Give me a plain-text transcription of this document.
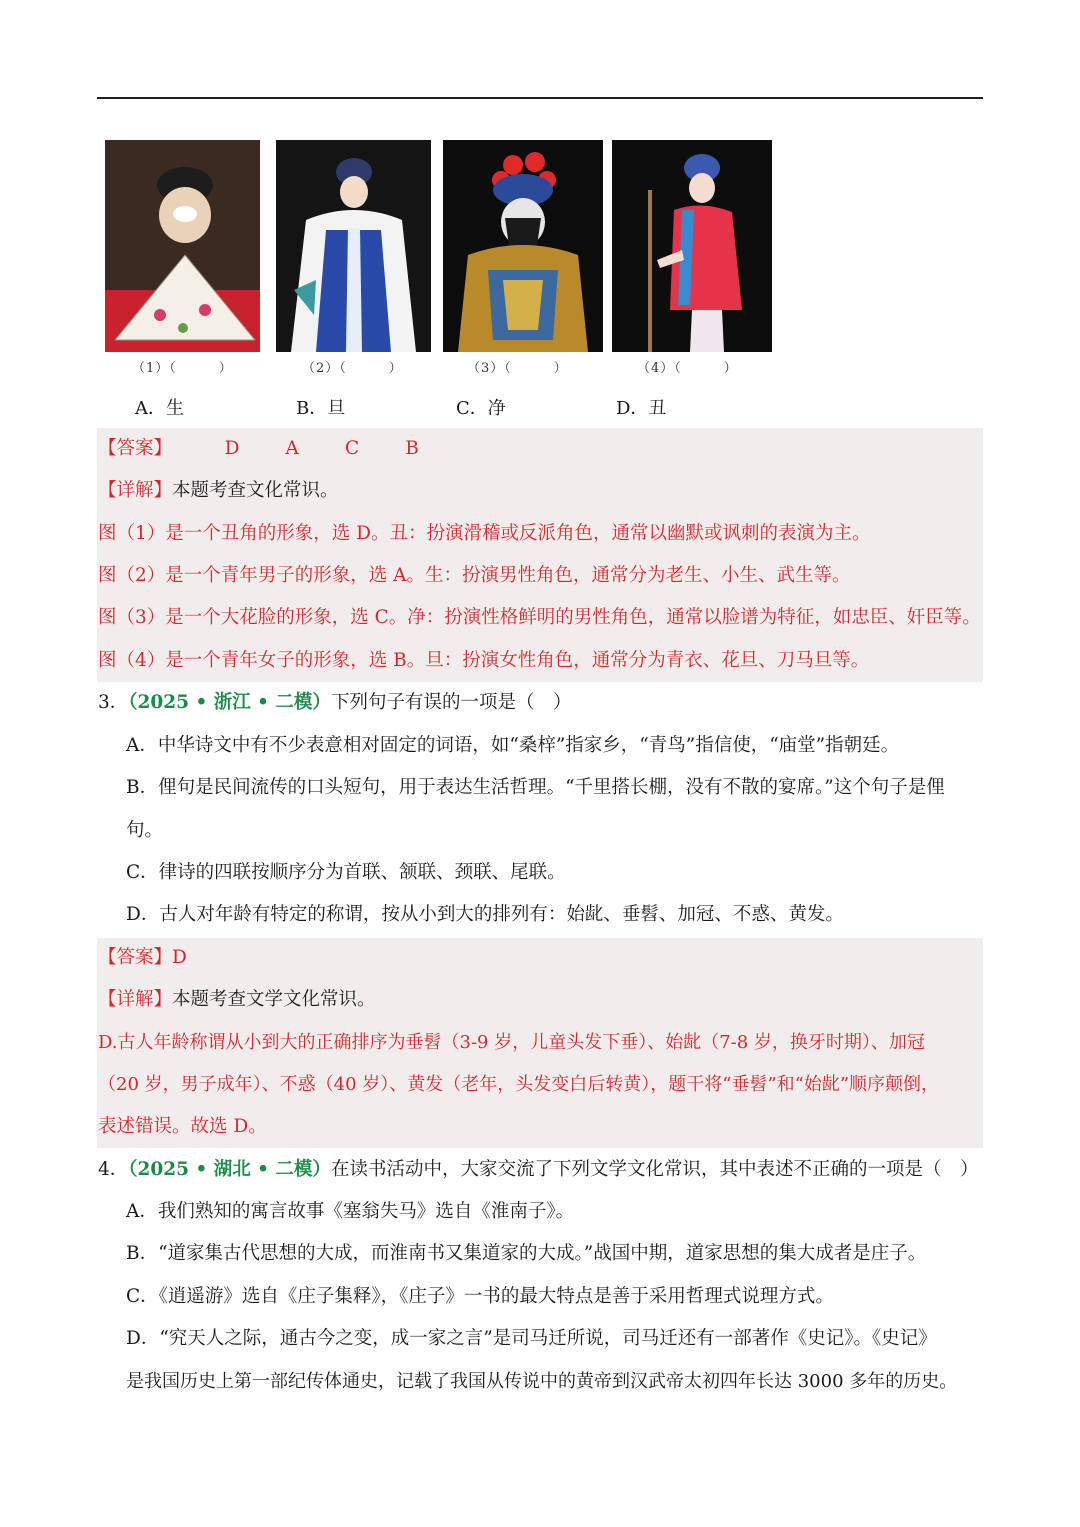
（1）（　　　）	（2）（　　　）	（3）（　　　）	（4）（　　　）
A．生	B．旦	C．净	D．丑
【答案】	D A C B
【详解】本题考查文化常识。
图（1）是一个丑角的形象，选 D。丑：扮演滑稽或反派角色，通常以幽默或讽刺的表演为主。
图（2）是一个青年男子的形象，选 A。生：扮演男性角色，通常分为老生、小生、武生等。
图（3）是一个大花脸的形象，选 C。净：扮演性格鲜明的男性角色，通常以脸谱为特征，如忠臣、奸臣等。
图（4）是一个青年女子的形象，选 B。旦：扮演女性角色，通常分为青衣、花旦、刀马旦等。
3．（2025 • 浙江 • 二模）下列句子有误的一项是（　）
A．中华诗文中有不少表意相对固定的词语，如“桑梓”指家乡，“青鸟”指信使，“庙堂”指朝廷。
B．俚句是民间流传的口头短句，用于表达生活哲理。“千里搭长棚，没有不散的宴席。”这个句子是俚
句。
C．律诗的四联按顺序分为首联、颔联、颈联、尾联。
D．古人对年龄有特定的称谓，按从小到大的排列有：始龀、垂髫、加冠、不惑、黄发。
【答案】D
【详解】本题考查文学文化常识。
D.古人年龄称谓从小到大的正确排序为垂髫（3-9 岁，儿童头发下垂）、始龀（7-8 岁，换牙时期）、加冠
（20 岁，男子成年）、不惑（40 岁）、黄发（老年，头发变白后转黄），题干将“垂髫”和“始龀”顺序颠倒，
表述错误。故选 D。
4．（2025 • 湖北 • 二模）在读书活动中，大家交流了下列文学文化常识，其中表述不正确的一项是（　）
A．我们熟知的寓言故事《塞翁失马》选自《淮南子》。
B．“道家集古代思想的大成，而淮南书又集道家的大成。”战国中期，道家思想的集大成者是庄子。
C．《逍遥游》选自《庄子集释》，《庄子》一书的最大特点是善于采用哲理式说理方式。
D．“究天人之际，通古今之变，成一家之言”是司马迁所说，司马迁还有一部著作《史记》。《史记》
是我国历史上第一部纪传体通史，记载了我国从传说中的黄帝到汉武帝太初四年长达 3000 多年的历史。
